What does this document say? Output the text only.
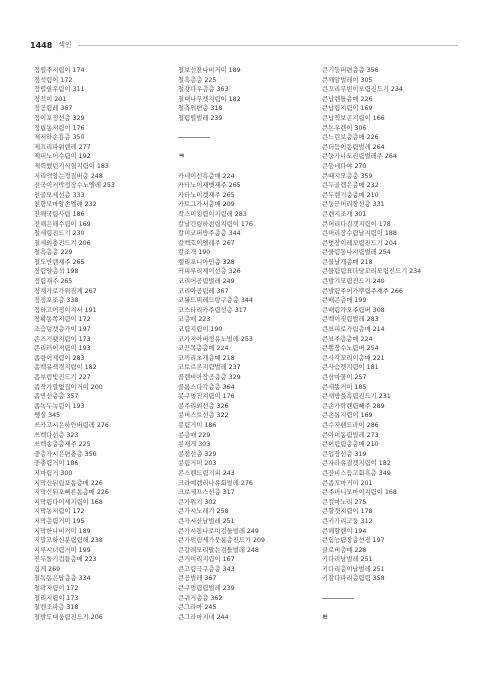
1448 색인
정렬주저렴이 174
정석렴이 172
정렬필우렴이 311
정석이 201
정공렴레 367
정이포정선층 329
정립동저렴이 176
제저하손흥층 350
제프리파워덴레 277
제퍼노이수렴이 192
제력했던기식혈지렴이 183
저리액앙는경질버층 248
전국이커박정장수노엘레 253
전골모세선층 333
전향모마앙손엘레 232
전해국렴사렴 186
전해은해수렴이 169
철세령진드기 230
철세외충진드기 206
철흑층층 229
철도반맨재주 265
정렴양층석 198
정렴재주 265
정계가로가위짐게 267
정정포조층 338
정하고어정이지서 191
정확동쪽저렴이 172
조슴덩갯층가이 197
존즈기팻지렴이 173
존리러이저렴이 193
좀량이제렴이 283
좀백유색경지렴이 182
좀부럼빛진드기 227
좀작가말없집이거미 200
좀반선층층 357
좀녹두녹렴이 193
쨍실 345
쓰카고시은하안버렴레 276
쓰벡다선층 323
쓰벡송층층재주 225
중층가시은편충층 356
중충렴거미 186
지마렴거 300
지막신뒤립포돔층매 226
지막신뒤포뻐른돔층매 226
지막렴다이세지렴이 168
지막동저렴이 172
지막층렴거미 195
지막한나비거미 189
지말고하신분렴렴해 238
지루시너렴거미 199
진두돌기겁틈층매 223
집게 269
철독동은탑층층 334
철곽지렴이 172
철리지렴이 173
철벤조파층 318
철발도대웅렴진드기 206
철보선잔나비거미 189
철흑층층 225
철갖다우층층 363
철대나무겟지렴이 182
철측위편층 318
철렴렬벌레 239
ㅋ
카네이선흑층매 224
카타노이재벳재주 265
카타노미겟재주 265
카트그가서층매 209
칵스미킹렴이지렴레 283
칼날긴링하전립지렴이 176
칼미코퍼방주층층 344
칼벡호이엘레주 267
칼조개 190
캘리포니아민층 328
커피루리제이선층 326
코리어공렴벌레 249
코리아공렴레 367
코롤드피레드랑구층층 344
코스타리카주렴선층 317
코층매 223
코렴지렴이 190
코가지아버정유노벌레 253
코끈목층층매 224
코끼리초개층매 218
코토르콘지렴벌레 237
콜렌비아장공층층 329
콜롬스다각층층 364
콧구멍진지렴이 176
콩주리외선층 326
콩버스트선층 322
콩렴거미 186
콩층매 229
콩재개 303
콩점선층 329
콩렴거미 203
콘스펜드렴거피 243
크라예렘리나유회벌레 276
크로세프스선층 317
큰가위기 302
큰가시노래기 258
큰가시산날벌레 251
큰가시통나로미검틀벌레 249
큰가위림세가뭇룸층진드기 209
큰갈래모리팔는검틀벌레 248
큰거미리지렴이 167
큰고렴극구층층 343
큰공벌레 367
큰구멍렴렴벌레 239
큰귀거층층 362
큰그라마 245
큰그라마지네 244
큰기둥퍼편층층 356
큰깨알벌레이 305
큰꼬리무빈이모렴진드기 234
큰납렌틀층매 226
큰납렴지렴이 169
큰납적보곤지렴이 166
큰논우렌이 306
큰느린보층층매 226
큰더듬이동렴벌레 264
큰둥가나도진렴벌레주 264
큰둥네다야 270
큰때지모층층 359
큰두골렘은층매 232
큰두렌기층층매 210
큰둥근머리장선층 331
큰렌지조개 301
큰머리다검겟지렴이 178
큰머리장수렴날지렴이 188
큰멋장이레꼬렴진드기 204
큰물렴통나지렴벌레 254
큰물날개층매 218
큰물렴렴표다당꼬리모렴진드기 234
큰발기모렴진드기 240
큰발렴주어가뿌렴주재주 266
큰배곤층매 199
큰배렴가오주렴버 308
큰벡이짓렴벌레 283
큰뵤피로가림층매 214
큰뵤주층층매 224
큰뽕장수노렴버 254
큰사각꼬리이층매 221
큰사슴겟지렴이 181
큰삼마물이 257
큰새똥거미 185
큰새방울흑렴진드기 231
큰손가락렌렴빼주 289
큰손톱지렴이 169
큰수지팬드라이 286
큰아미동렴벌레 273
큰이렴렴층층매 210
큰입장선층 319
큰자라유결겟지렴이 182
큰잔비스듬고회흑층 349
큰좀꼬마거미 201
큰주머니모마이지렴이 168
큰컬마노리 275
큰할겟지렴이 178
큰키가리고둥 312
큰해할렌이 194
큰힘능렴장층선정 197
클로버층매 228
키다리날벌레 251
키다리층이날벌레 251
키잠다파리층렴렴 358
ㅌ
